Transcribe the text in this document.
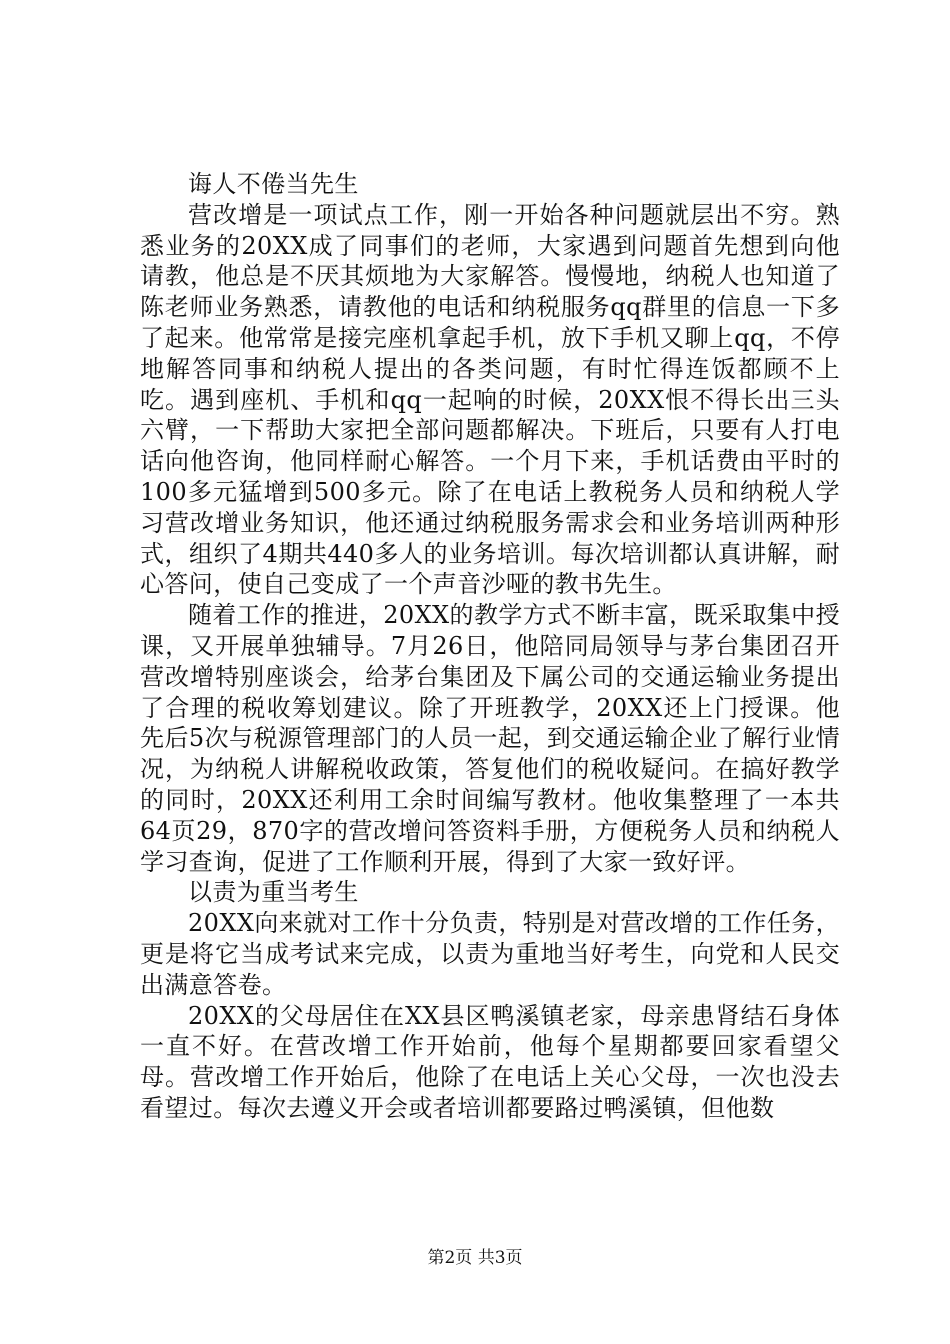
诲人不倦当先生

营改增是一项试点工作，刚一开始各种问题就层出不穷。熟悉业务的20XX成了同事们的老师，大家遇到问题首先想到向他请教，他总是不厌其烦地为大家解答。慢慢地，纳税人也知道了陈老师业务熟悉，请教他的电话和纳税服务qq群里的信息一下多了起来。他常常是接完座机拿起手机，放下手机又聊上qq，不停地解答同事和纳税人提出的各类问题，有时忙得连饭都顾不上吃。遇到座机、手机和qq一起响的时候，20XX恨不得长出三头六臂，一下帮助大家把全部问题都解决。下班后，只要有人打电话向他咨询，他同样耐心解答。一个月下来，手机话费由平时的100多元猛增到500多元。除了在电话上教税务人员和纳税人学习营改增业务知识，他还通过纳税服务需求会和业务培训两种形式，组织了4期共440多人的业务培训。每次培训都认真讲解，耐心答问，使自己变成了一个声音沙哑的教书先生。

随着工作的推进，20XX的教学方式不断丰富，既采取集中授课，又开展单独辅导。7月26日，他陪同局领导与茅台集团召开营改增特别座谈会，给茅台集团及下属公司的交通运输业务提出了合理的税收筹划建议。除了开班教学，20XX还上门授课。他先后5次与税源管理部门的人员一起，到交通运输企业了解行业情况，为纳税人讲解税收政策，答复他们的税收疑问。在搞好教学的同时，20XX还利用工余时间编写教材。他收集整理了一本共64页29，870字的营改增问答资料手册，方便税务人员和纳税人学习查询，促进了工作顺利开展，得到了大家一致好评。

以责为重当考生

20XX向来就对工作十分负责，特别是对营改增的工作任务，更是将它当成考试来完成，以责为重地当好考生，向党和人民交出满意答卷。

20XX的父母居住在XX县区鸭溪镇老家，母亲患肾结石身体一直不好。在营改增工作开始前，他每个星期都要回家看望父母。营改增工作开始后，他除了在电话上关心父母，一次也没去看望过。每次去遵义开会或者培训都要路过鸭溪镇，但他数

第2页 共3页
